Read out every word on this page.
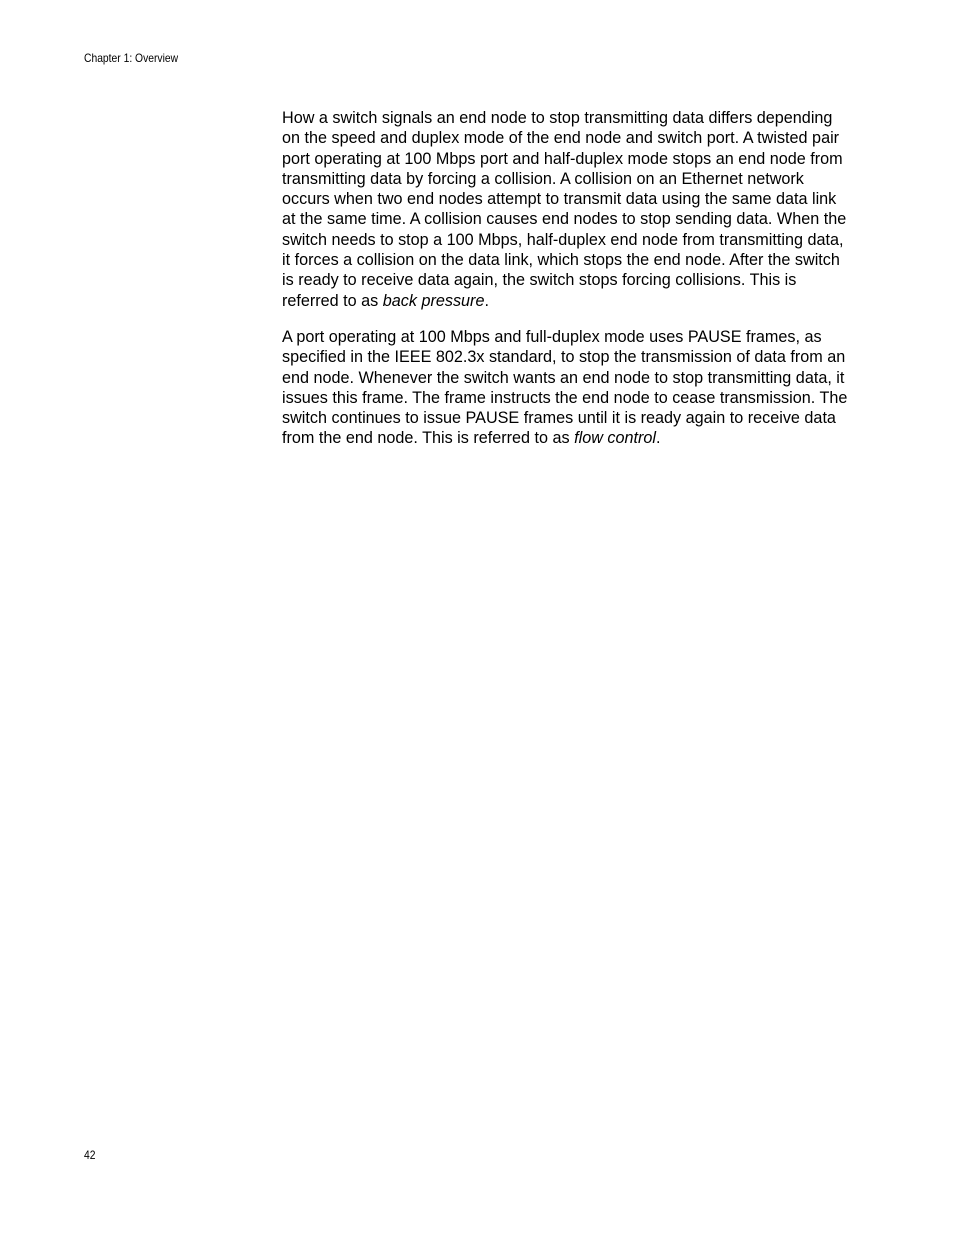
Chapter 1: Overview

How a switch signals an end node to stop transmitting data differs depending on the speed and duplex mode of the end node and switch port. A twisted pair port operating at 100 Mbps port and half-duplex mode stops an end node from transmitting data by forcing a collision. A collision on an Ethernet network occurs when two end nodes attempt to transmit data using the same data link at the same time. A collision causes end nodes to stop sending data. When the switch needs to stop a 100 Mbps, half-duplex end node from transmitting data, it forces a collision on the data link, which stops the end node. After the switch is ready to receive data again, the switch stops forcing collisions. This is referred to as back pressure.

A port operating at 100 Mbps and full-duplex mode uses PAUSE frames, as specified in the IEEE 802.3x standard, to stop the transmission of data from an end node. Whenever the switch wants an end node to stop transmitting data, it issues this frame. The frame instructs the end node to cease transmission. The switch continues to issue PAUSE frames until it is ready again to receive data from the end node. This is referred to as flow control.

42
